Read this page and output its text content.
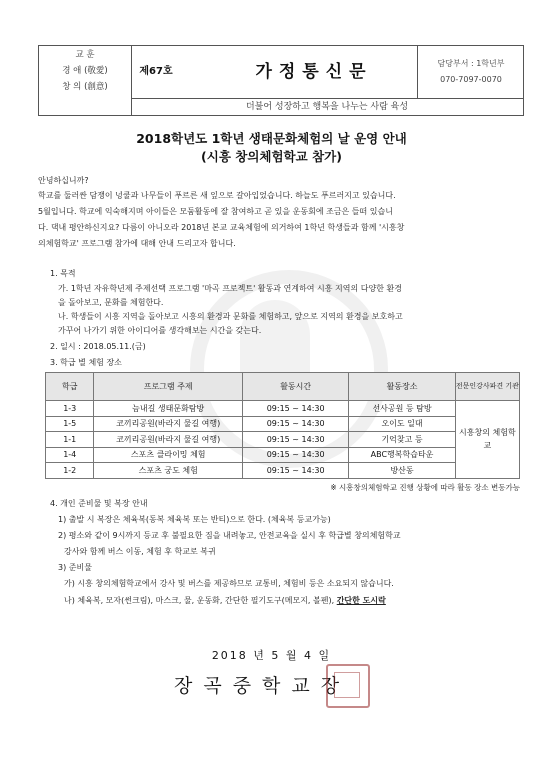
교 훈
경 애 (敬愛)
창 의 (創意)
제67호	가정통신문	담당부서 : 1학년부
070-7097-0070
더불어 성장하고 행복을 나누는 사람 육성
2018학년도 1학년 생태문화체험의 날 운영 안내
(시흥 창의체험학교 참가)
안녕하십니까?
학교를 둘러싼 담쟁이 넝쿨과 나무들이 푸르른 새 잎으로 갈아입었습니다. 하늘도 푸르러지고 있습니다.
5월입니다. 학교에 익숙해지며 아이들은 모둠활동에 잘 참여하고 곧 있을 운동회에 조금은 들떠 있습니
다. 댁내 평안하신지요? 다름이 아니오라 2018년 본교 교육체험에 의거하여 1학년 학생들과 함께 '시흥창
의체험학교' 프로그램 참가에 대해 안내 드리고자 합니다.
1. 목적
가. 1학년 자유학년제 주제선택 프로그램 '마곡 프로젝트' 활동과 연계하여 시흥 지역의 다양한 환경
을 돌아보고, 문화를 체험한다.
나. 학생들이 시흥 지역을 돌아보고 시흥의 환경과 문화를 체험하고, 앞으로 지역의 환경을 보호하고
가꾸어 나가기 위한 아이디어를 생각해보는 시간을 갖는다.
2. 일시 : 2018.05.11.(금)
3. 학급 별 체험 장소
학급	프로그램 주제	활동시간	활동장소	전문인강사파견 기관
1-3	늠내길 생태문화탐방	09:15 ~ 14:30	선사공원 등 탐방	시흥창의 체험학교
1-5	코끼리공원(바라지 물길 여행)	09:15 ~ 14:30	오이도 일대	
1-1	코끼리공원(바라지 물길 여행)	09:15 ~ 14:30	기억찾고 등	
1-4	스포츠 클라이밍 체험	09:15 ~ 14:30	ABC행복학습타운	
1-2	스포츠 궁도 체험	09:15 ~ 14:30	방산동	
※ 시흥창의체험학교 진행 상황에 따라 활동 장소 변동가능
4. 개인 준비물 및 복장 안내
1) 출발 시 복장은 체육복(동복 체육복 또는 반티)으로 한다. (체육복 등교가능)
2) 평소와 같이 9시까지 등교 후 불필요한 짐을 내려놓고, 안전교육을 실시 후 학급별 창의체험학교
강사와 함께 버스 이동, 체험 후 학교로 복귀
3) 준비물
가) 시흥 창의체험학교에서 강사 및 버스를 제공하므로 교통비, 체험비 등은 소요되지 않습니다.
나) 체육복, 모자(썬크림), 마스크, 물, 운동화, 간단한 필기도구(메모지, 볼펜), 간단한 도시락
2018 년 5 월 4 일
장곡중학교장
